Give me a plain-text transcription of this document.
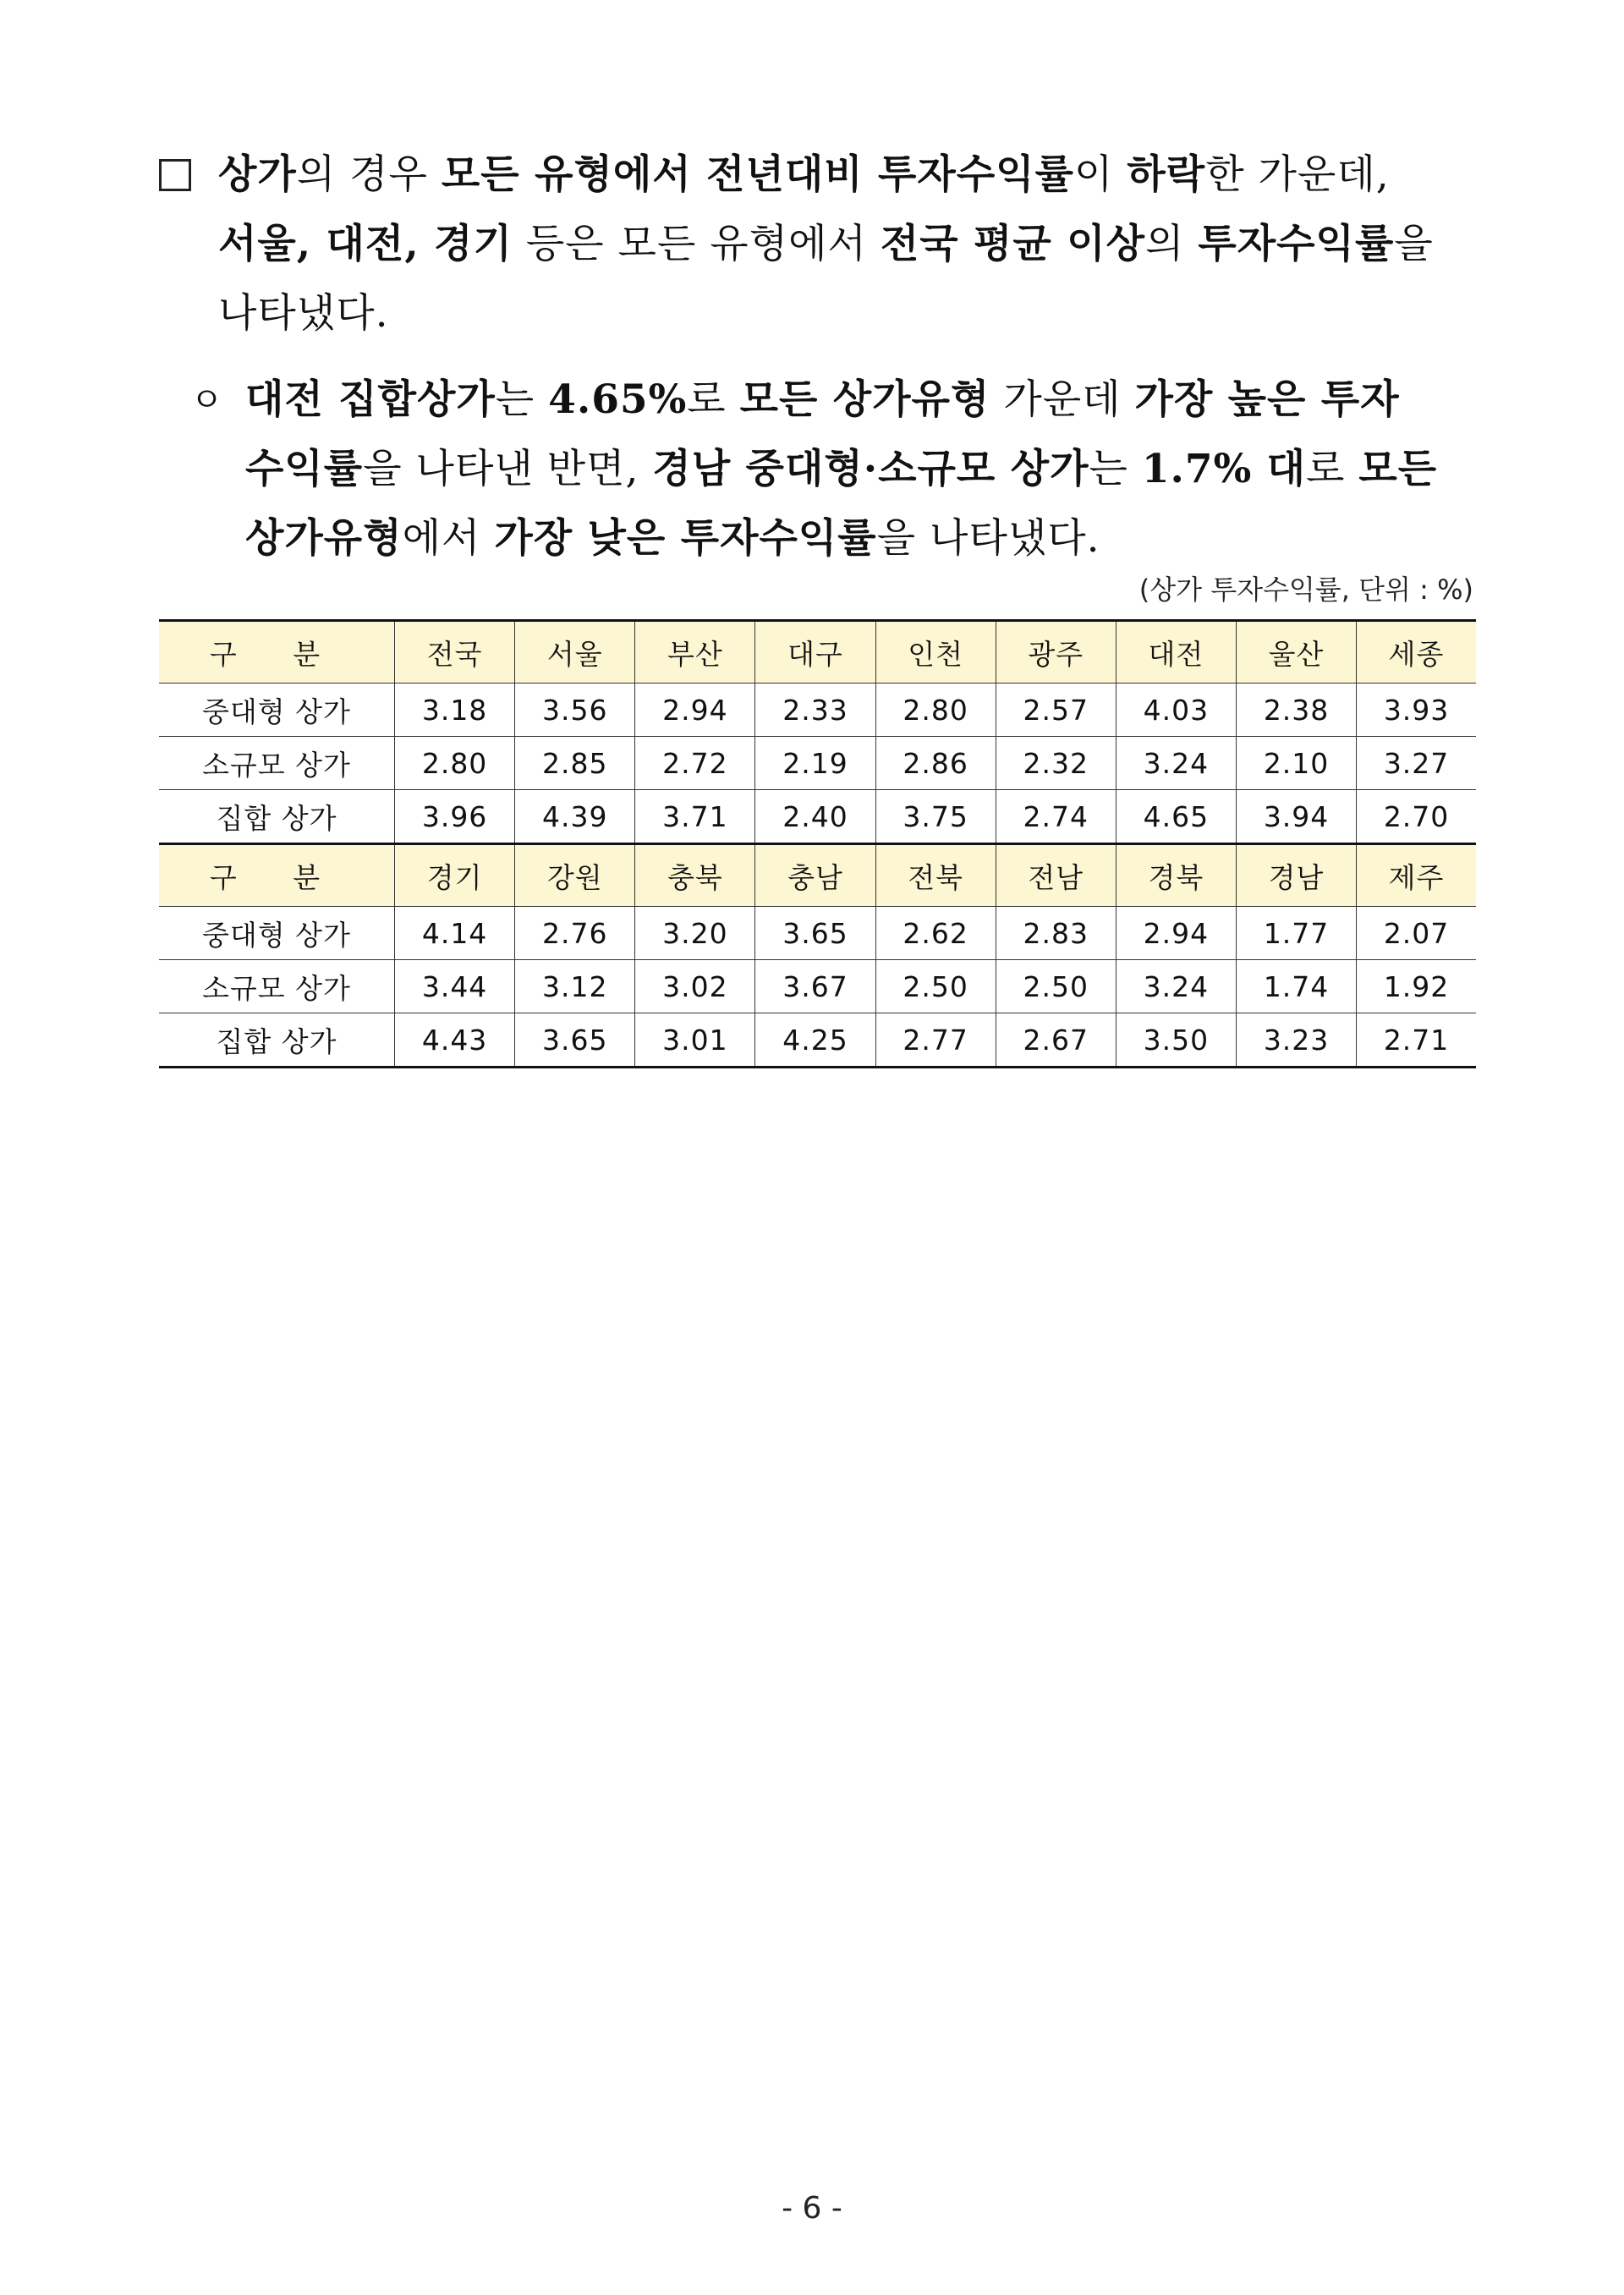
상가의 경우 모든 유형에서 전년대비 투자수익률이 하락한 가운데,
서울, 대전, 경기 등은 모든 유형에서 전국 평균 이상의 투자수익률을
나타냈다.
ㅇ 대전 집합상가는 4.65%로 모든 상가유형 가운데 가장 높은 투자
수익률을 나타낸 반면, 경남 중대형·소규모 상가는 1.7% 대로 모든
상가유형에서 가장 낮은 투자수익률을 나타냈다.
(상가 투자수익률, 단위 : %)
구 분	전국	서울	부산	대구	인천	광주	대전	울산	세종
중대형 상가	3.18	3.56	2.94	2.33	2.80	2.57	4.03	2.38	3.93
소규모 상가	2.80	2.85	2.72	2.19	2.86	2.32	3.24	2.10	3.27
집합 상가	3.96	4.39	3.71	2.40	3.75	2.74	4.65	3.94	2.70
구 분	경기	강원	충북	충남	전북	전남	경북	경남	제주
중대형 상가	4.14	2.76	3.20	3.65	2.62	2.83	2.94	1.77	2.07
소규모 상가	3.44	3.12	3.02	3.67	2.50	2.50	3.24	1.74	1.92
집합 상가	4.43	3.65	3.01	4.25	2.77	2.67	3.50	3.23	2.71
- 6 -
